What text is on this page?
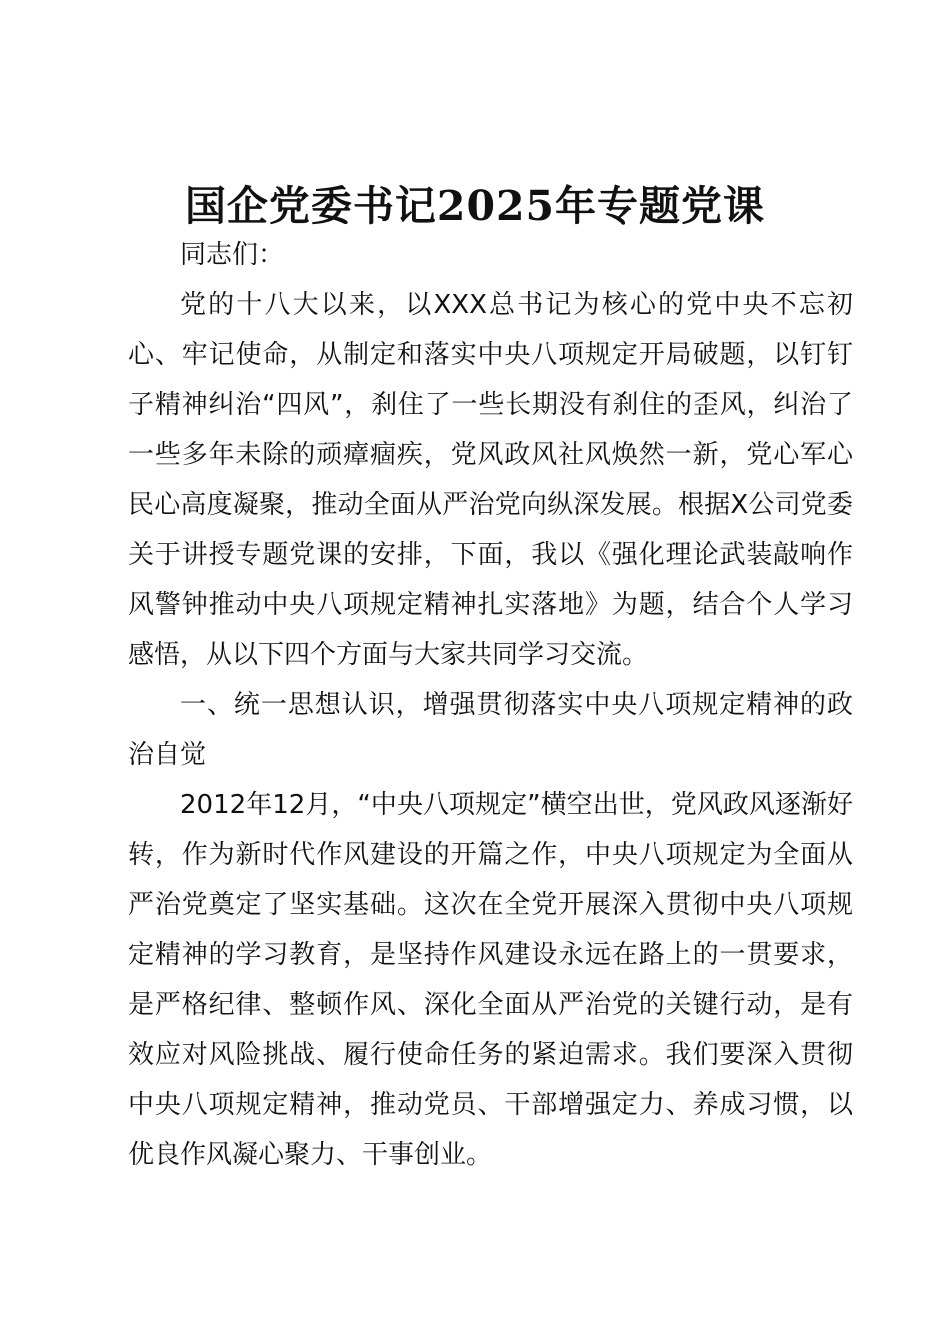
国企党委书记2025年专题党课

同志们：

党的十八大以来，以XXX总书记为核心的党中央不忘初心、牢记使命，从制定和落实中央八项规定开局破题，以钉钉子精神纠治“四风”，刹住了一些长期没有刹住的歪风，纠治了一些多年未除的顽瘴痼疾，党风政风社风焕然一新，党心军心民心高度凝聚，推动全面从严治党向纵深发展。根据X公司党委关于讲授专题党课的安排，下面，我以《强化理论武装敲响作风警钟推动中央八项规定精神扎实落地》为题，结合个人学习感悟，从以下四个方面与大家共同学习交流。

一、统一思想认识，增强贯彻落实中央八项规定精神的政治自觉

2012年12月，“中央八项规定”横空出世，党风政风逐渐好转，作为新时代作风建设的开篇之作，中央八项规定为全面从严治党奠定了坚实基础。这次在全党开展深入贯彻中央八项规定精神的学习教育，是坚持作风建设永远在路上的一贯要求，是严格纪律、整顿作风、深化全面从严治党的关键行动，是有效应对风险挑战、履行使命任务的紧迫需求。我们要深入贯彻中央八项规定精神，推动党员、干部增强定力、养成习惯，以优良作风凝心聚力、干事创业。
